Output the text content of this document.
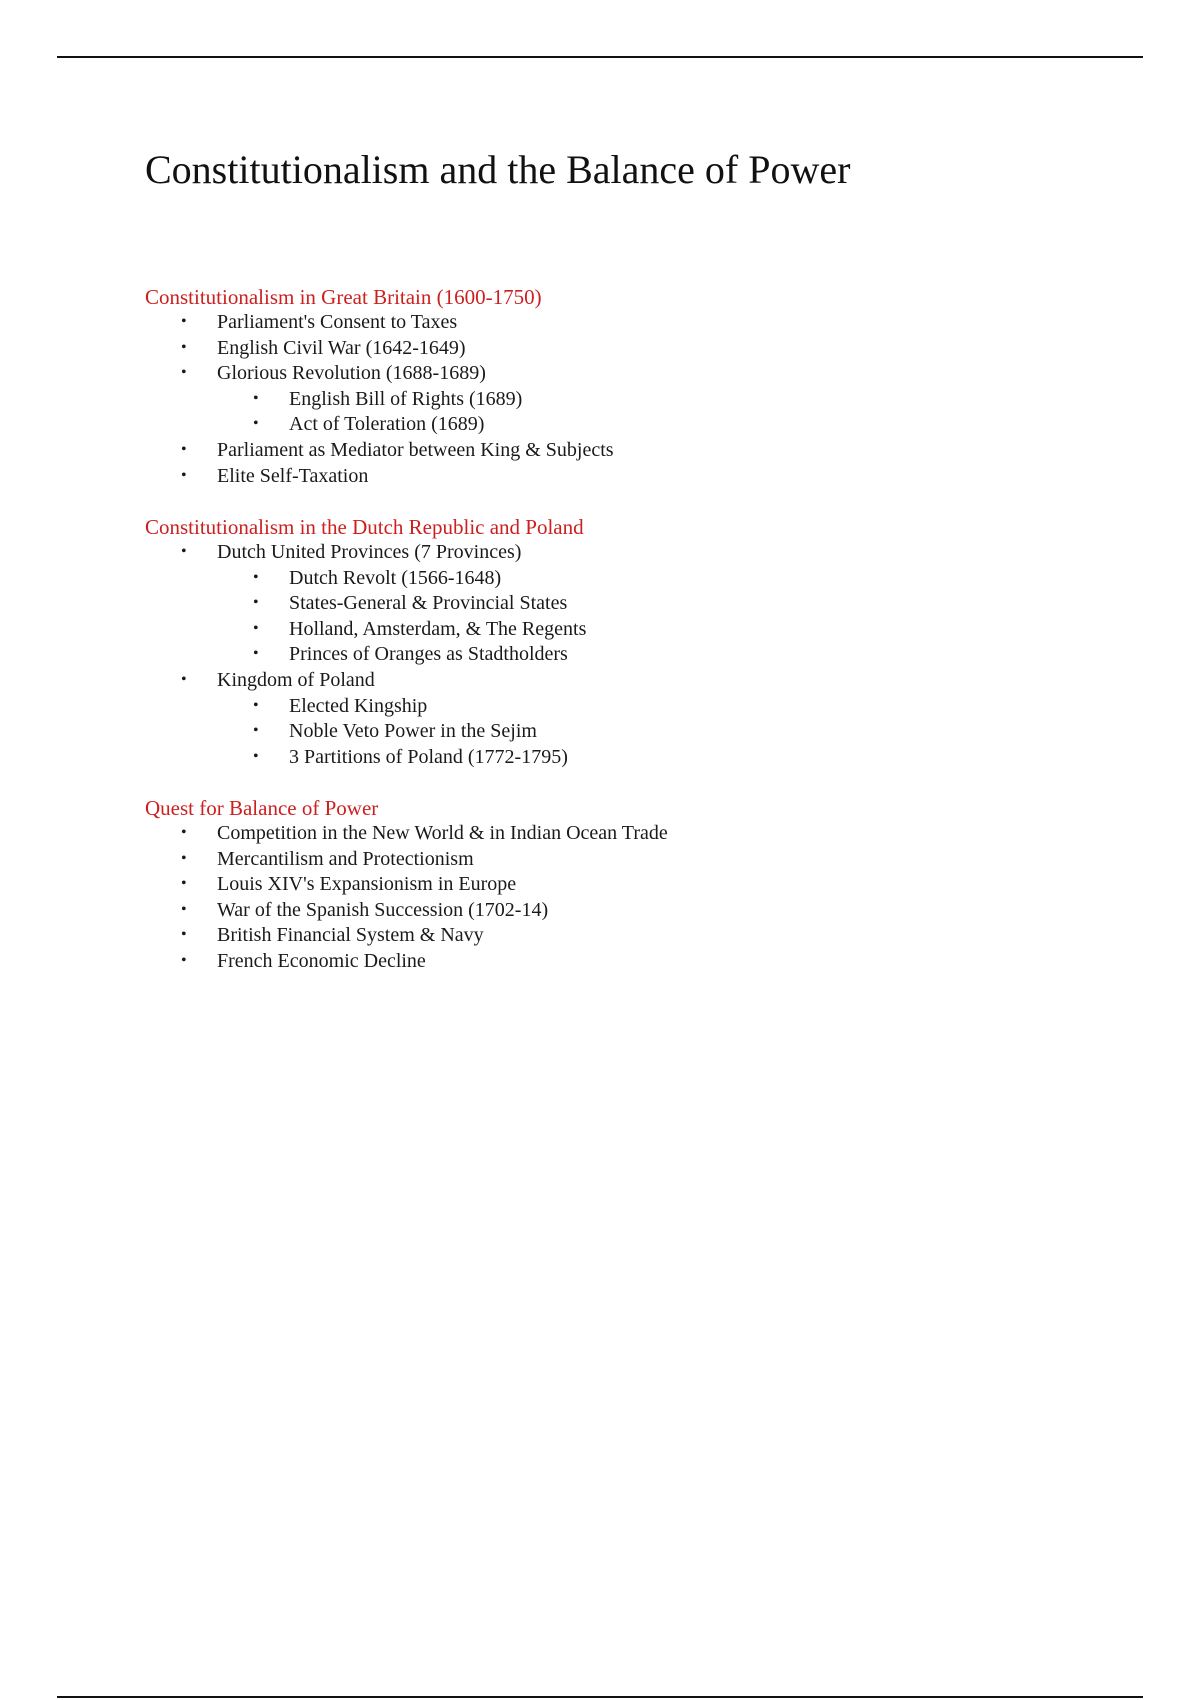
Constitutionalism and the Balance of Power
Constitutionalism in Great Britain (1600-1750)
• Parliament's Consent to Taxes
• English Civil War (1642-1649)
• Glorious Revolution (1688-1689)
• English Bill of Rights (1689)
• Act of Toleration (1689)
• Parliament as Mediator between King & Subjects
• Elite Self-Taxation
Constitutionalism in the Dutch Republic and Poland
• Dutch United Provinces (7 Provinces)
• Dutch Revolt (1566-1648)
• States-General & Provincial States
• Holland, Amsterdam, & The Regents
• Princes of Oranges as Stadtholders
• Kingdom of Poland
• Elected Kingship
• Noble Veto Power in the Sejim
• 3 Partitions of Poland (1772-1795)
Quest for Balance of Power
• Competition in the New World & in Indian Ocean Trade
• Mercantilism and Protectionism
• Louis XIV's Expansionism in Europe
• War of the Spanish Succession (1702-14)
• British Financial System & Navy
• French Economic Decline
